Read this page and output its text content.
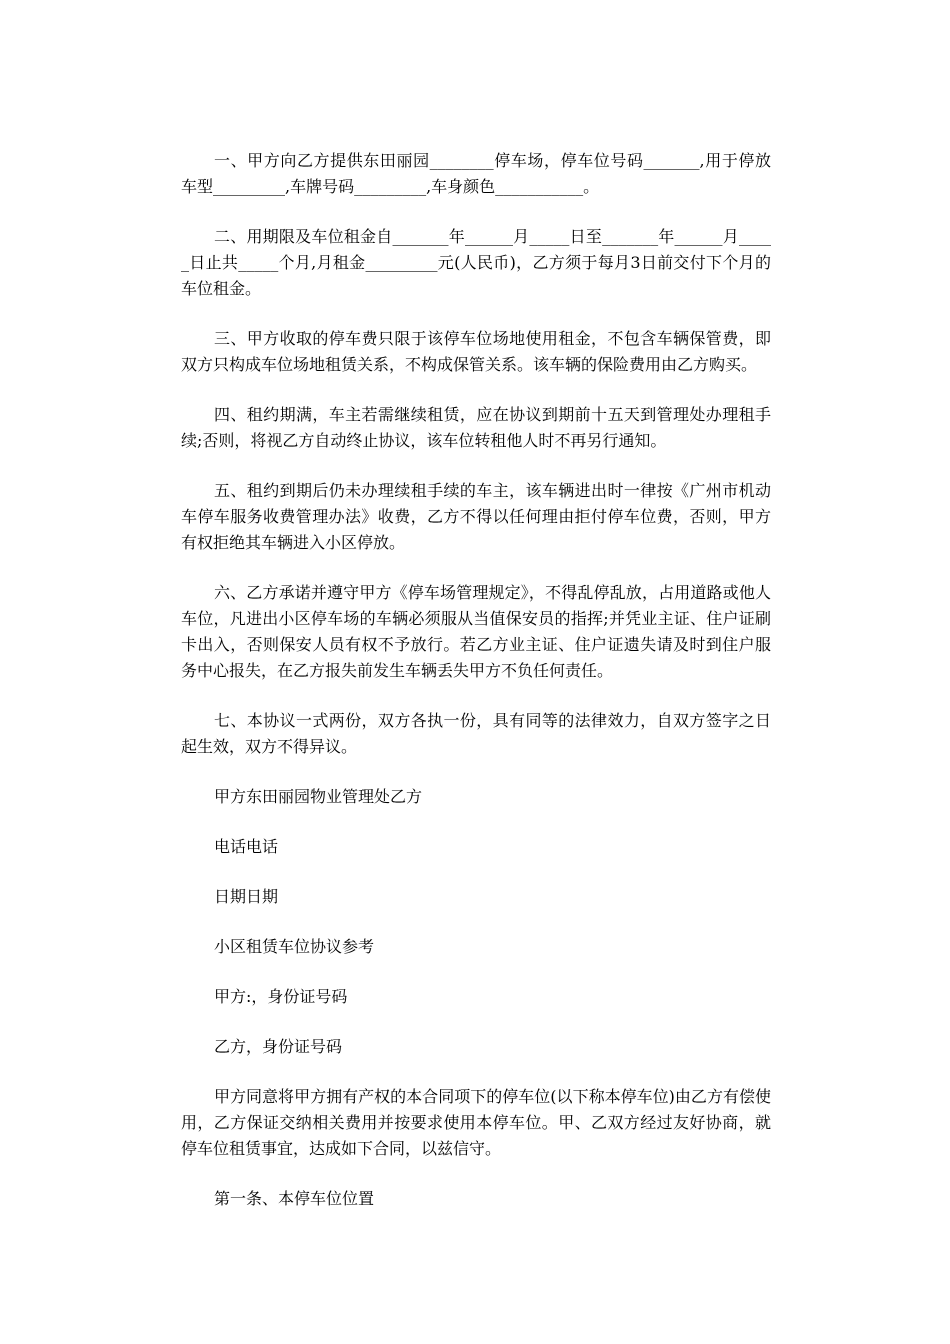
一、甲方向乙方提供东田丽园________停车场，停车位号码_______,用于停放车型_________,车牌号码_________,车身颜色___________。

二、用期限及车位租金自_______年______月_____日至_______年______月_____日止共_____个月,月租金_________元(人民币)，乙方须于每月3日前交付下个月的车位租金。

三、甲方收取的停车费只限于该停车位场地使用租金，不包含车辆保管费，即双方只构成车位场地租赁关系，不构成保管关系。该车辆的保险费用由乙方购买。

四、租约期满，车主若需继续租赁，应在协议到期前十五天到管理处办理租手续;否则，将视乙方自动终止协议，该车位转租他人时不再另行通知。

五、租约到期后仍未办理续租手续的车主，该车辆进出时一律按《广州市机动车停车服务收费管理办法》收费，乙方不得以任何理由拒付停车位费，否则，甲方有权拒绝其车辆进入小区停放。

六、乙方承诺并遵守甲方《停车场管理规定》，不得乱停乱放，占用道路或他人车位，凡进出小区停车场的车辆必须服从当值保安员的指挥;并凭业主证、住户证刷卡出入，否则保安人员有权不予放行。若乙方业主证、住户证遗失请及时到住户服务中心报失，在乙方报失前发生车辆丢失甲方不负任何责任。

七、本协议一式两份，双方各执一份，具有同等的法律效力，自双方签字之日起生效，双方不得异议。

甲方东田丽园物业管理处乙方

电话电话

日期日期

小区租赁车位协议参考

甲方:，身份证号码

乙方，身份证号码

甲方同意将甲方拥有产权的本合同项下的停车位(以下称本停车位)由乙方有偿使用，乙方保证交纳相关费用并按要求使用本停车位。甲、乙双方经过友好协商，就停车位租赁事宜，达成如下合同，以兹信守。

第一条、本停车位位置
